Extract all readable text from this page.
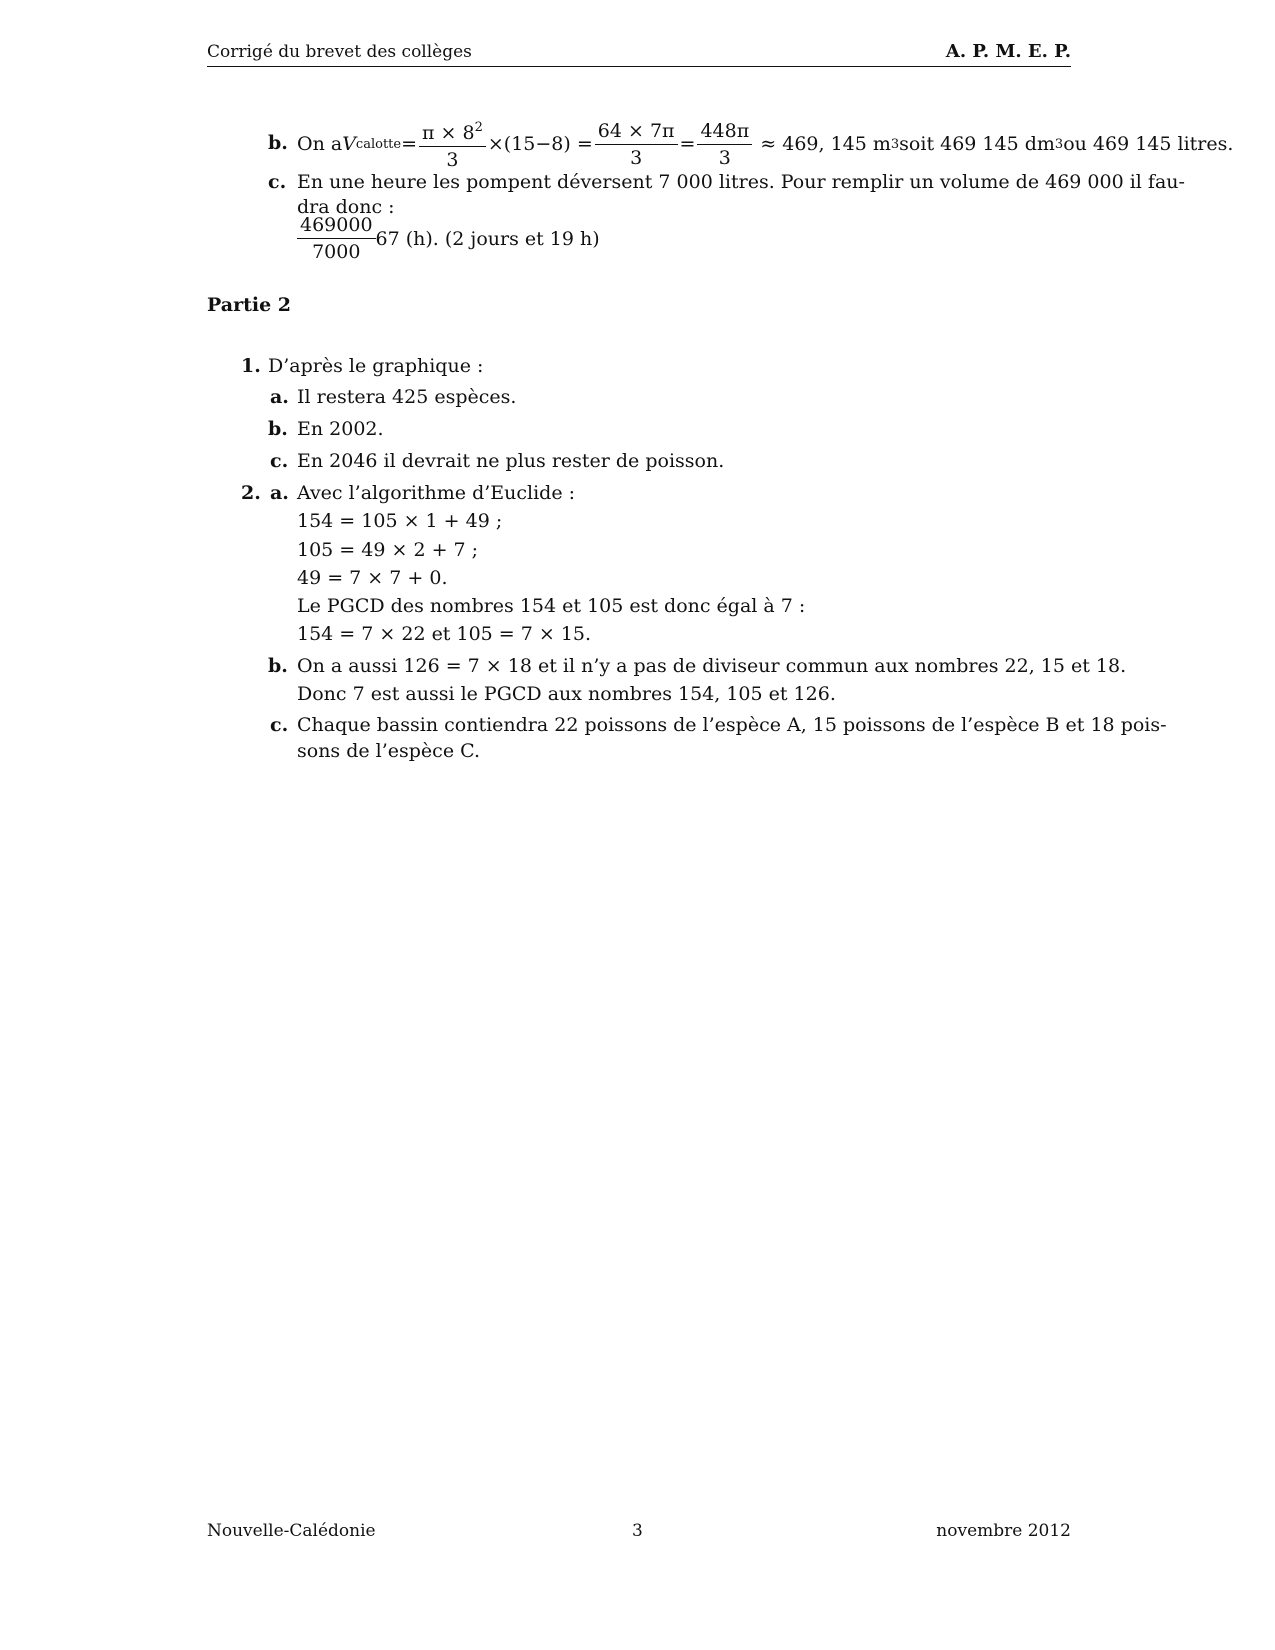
Corrigé du brevet des collèges	A. P. M. E. P.
b. On a V calotte = $\frac{\pi \times 8^2}{3} \times(15-8) = \frac{64 \times 7\pi}{3} = \frac{448\pi}{3}$
≈ 469, 145 m 3 soit 469 145 dm 3 ou 469 145 litres.
c. En une heure les pompent déversent 7 000 litres. Pour remplir un volume de 469 000 il fau-
dra donc :
$\frac{469000}{7000} 67$ (h). (2 jours et 19 h)
Partie 2
1. D’après le graphique :
a. Il restera 425 espèces.
b. En 2002.
c. En 2046 il devrait ne plus rester de poisson.
2. a. Avec l’algorithme d’Euclide :
154 = 105 × 1 + 49 ;
105 = 49 × 2 + 7 ;
49 = 7 × 7 + 0.
Le PGCD des nombres 154 et 105 est donc égal à 7 :
154 = 7 × 22 et 105 = 7 × 15.
b. On a aussi 126 = 7 × 18 et il n’y a pas de diviseur commun aux nombres 22, 15 et 18.
Donc 7 est aussi le PGCD aux nombres 154, 105 et 126.
c. Chaque bassin contiendra 22 poissons de l’espèce A, 15 poissons de l’espèce B et 18 pois-
sons de l’espèce C.
Nouvelle-Calédonie	3	novembre 2012
